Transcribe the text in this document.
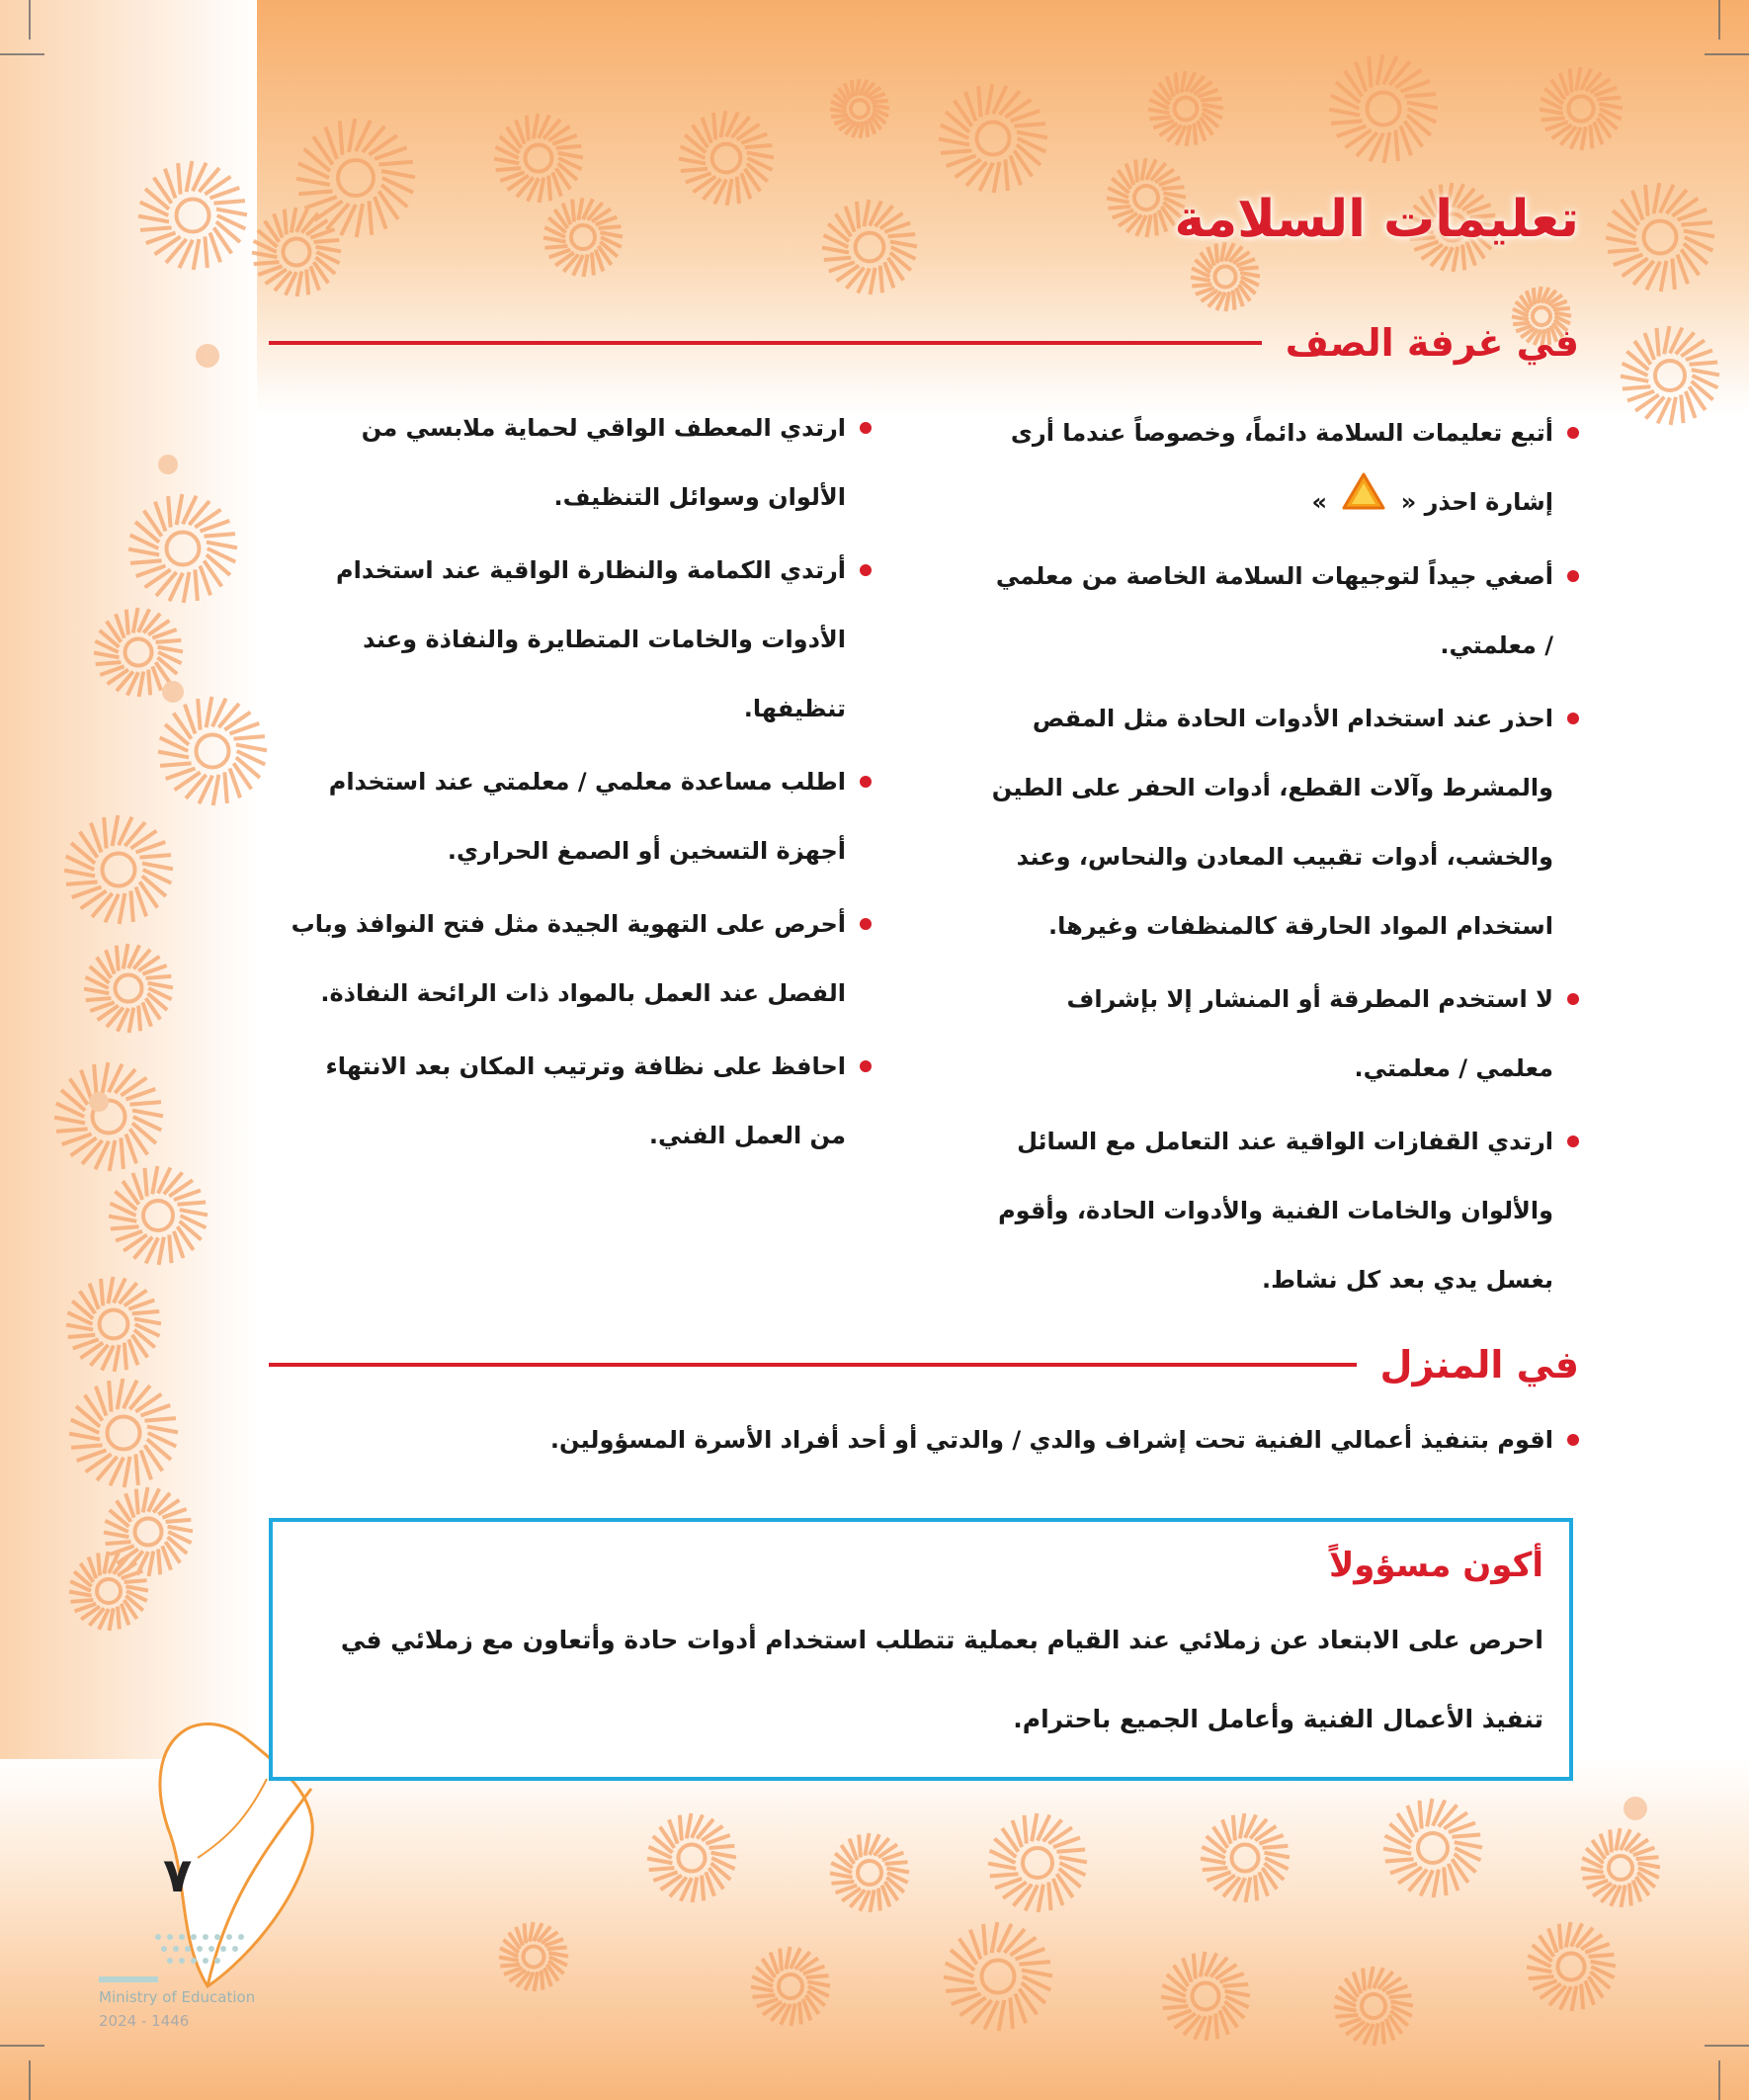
تعليمات السلامة
في غرفة الصف
أتبع تعليمات السلامة دائماً، وخصوصاً عندما أرى إشارة احذر «  »
أصغي جيداً لتوجيهات السلامة الخاصة من معلمي / معلمتي.
احذر عند استخدام الأدوات الحادة مثل المقص والمشرط وآلات القطع، أدوات الحفر على الطين والخشب، أدوات تقبيب المعادن والنحاس، وعند استخدام المواد الحارقة كالمنظفات وغيرها.
لا استخدم المطرقة أو المنشار إلا بإشراف معلمي / معلمتي.
ارتدي القفازات الواقية عند التعامل مع السائل والألوان والخامات الفنية والأدوات الحادة، وأقوم بغسل يدي بعد كل نشاط.
ارتدي المعطف الواقي لحماية ملابسي من الألوان وسوائل التنظيف.
أرتدي الكمامة والنظارة الواقية عند استخدام الأدوات والخامات المتطايرة والنفاذة وعند تنظيفها.
اطلب مساعدة معلمي / معلمتي عند استخدام أجهزة التسخين أو الصمغ الحراري.
أحرص على التهوية الجيدة مثل فتح النوافذ وباب الفصل عند العمل بالمواد ذات الرائحة النفاذة.
احافظ على نظافة وترتيب المكان بعد الانتهاء من العمل الفني.
في المنزل
اقوم بتنفيذ أعمالي الفنية تحت إشراف والدي / والدتي أو أحد أفراد الأسرة المسؤولين.
أكون مسؤولاً

احرص على الابتعاد عن زملائي عند القيام بعملية تتطلب استخدام أدوات حادة وأتعاون مع زملائي في تنفيذ الأعمال الفنية وأعامل الجميع باحترام.

٧
Ministry of Education
2024 - 1446
